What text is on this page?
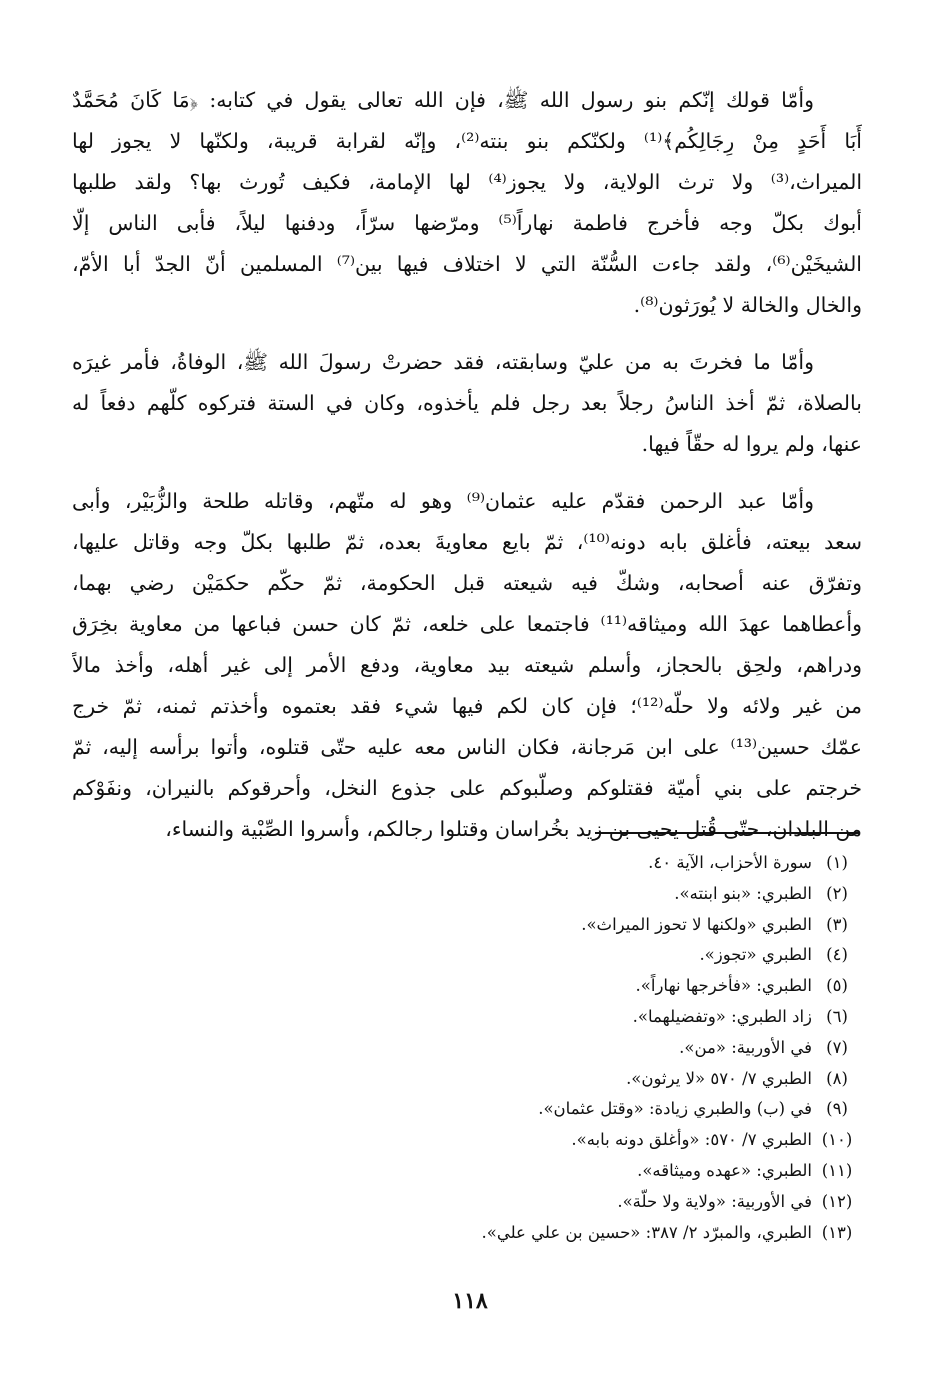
وأمّا قولك إنّكم بنو رسول الله ﷺ، فإن الله تعالى يقول في كتابه: ﴿مَا كَانَ مُحَمَّدٌ
أَبَا أَحَدٍ مِنْ رِجَالِكُم﴾⁽¹⁾ ولكنّكم بنو بنته⁽²⁾، وإنّه لقرابة قريبة، ولكنّها لا يجوز لها
الميراث،⁽³⁾ ولا ترث الولاية، ولا يجوز⁽⁴⁾ لها الإمامة، فكيف تُورث بها؟ ولقد طلبها
أبوك بكلّ وجه فأخرج فاطمة نهاراً⁽⁵⁾ ومرّضها سرّاً، ودفنها ليلاً، فأبى الناس إلّا
الشيخَيْن⁽⁶⁾، ولقد جاءت السُّنّة التي لا اختلاف فيها بين⁽⁷⁾ المسلمين أنّ الجدّ أبا الأمّ،
والخال والخالة لا يُورَثون⁽⁸⁾.
وأمّا ما فخرتَ به من عليّ وسابقته، فقد حضرتْ رسولَ الله ﷺ، الوفاةُ، فأمر غيرَه
بالصلاة، ثمّ أخذ الناسُ رجلاً بعد رجل فلم يأخذوه، وكان في الستة فتركوه كلّهم دفعاً له
عنها، ولم يروا له حقّاً فيها.
وأمّا عبد الرحمن فقدّم عليه عثمان⁽⁹⁾ وهو له متّهم، وقاتله طلحة والزُّبَيْر، وأبى
سعد بيعته، فأغلق بابه دونه⁽¹⁰⁾، ثمّ بايع معاويةَ بعده، ثمّ طلبها بكلّ وجه وقاتل عليها،
وتفرّق عنه أصحابه، وشكّ فيه شيعته قبل الحكومة، ثمّ حكّم حكمَيْن رضي بهما،
وأعطاهما عهدَ الله وميثاقه⁽¹¹⁾ فاجتمعا على خلعه، ثمّ كان حسن فباعها من معاوية بخِرَق
ودراهم، ولحِق بالحجاز، وأسلم شيعته بيد معاوية، ودفع الأمر إلى غير أهله، وأخذ مالاً
من غير ولائه ولا حلّه⁽¹²⁾؛ فإن كان لكم فيها شيء فقد بعتموه وأخذتم ثمنه، ثمّ خرج
عمّك حسين⁽¹³⁾ على ابن مَرجانة، فكان الناس معه عليه حتّى قتلوه، وأتوا برأسه إليه، ثمّ
خرجتم على بني أميّة فقتلوكم وصلّبوكم على جذوع النخل، وأحرقوكم بالنيران، ونفَوْكم
من البلدان، حتّى قُتل يحيى بن زيد بخُراسان وقتلوا رجالكم، وأسروا الصِّبْية والنساء،
(١)سورة الأحزاب، الآية ٤٠.
(٢)الطبري: «بنو ابنته».
(٣)الطبري «ولكنها لا تحوز الميراث».
(٤)الطبري «تجوز».
(٥)الطبري: «فأخرجها نهاراً».
(٦)زاد الطبري: «وتفضيلهما».
(٧)في الأوربية: «من».
(٨)الطبري ٧/ ٥٧٠ «لا يرثون».
(٩)في (ب) والطبري زيادة: «وقتل عثمان».
(١٠)الطبري ٧/ ٥٧٠: «وأغلق دونه بابه».
(١١)الطبري: «عهده وميثاقه».
(١٢)في الأوربية: «ولاية ولا حلّة».
(١٣)الطبري، والمبرّد ٢/ ٣٨٧: «حسين بن علي علي».
١١٨
